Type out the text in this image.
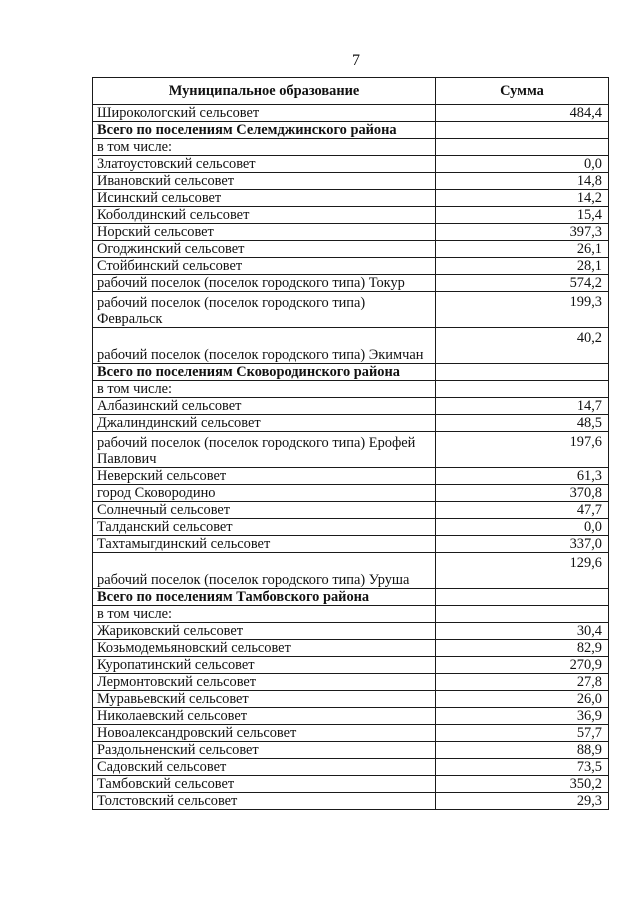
7
Муниципальное образование	Сумма
Широкологский сельсовет	484,4
Всего по поселениям Селемджинского района	
в том числе:	
Златоустовский сельсовет	0,0
Ивановский сельсовет	14,8
Исинский сельсовет	14,2
Коболдинский сельсовет	15,4
Норский сельсовет	397,3
Огоджинский сельсовет	26,1
Стойбинский сельсовет	28,1
рабочий поселок (поселок городского типа) Токур	574,2
рабочий поселок (поселок городского типа) Февральск	199,3
рабочий поселок (поселок городского типа) Экимчан	40,2
Всего по поселениям Сковородинского района	
в том числе:	
Албазинский сельсовет	14,7
Джалиндинский сельсовет	48,5
рабочий поселок (поселок городского типа) Ерофей Павлович	197,6
Неверский сельсовет	61,3
город Сковородино	370,8
Солнечный сельсовет	47,7
Талданский сельсовет	0,0
Тахтамыгдинский сельсовет	337,0
рабочий поселок (поселок городского типа) Уруша	129,6
Всего по поселениям Тамбовского района	
в том числе:	
Жариковский сельсовет	30,4
Козьмодемьяновский сельсовет	82,9
Куропатинский сельсовет	270,9
Лермонтовский сельсовет	27,8
Муравьевский сельсовет	26,0
Николаевский сельсовет	36,9
Новоалександровский сельсовет	57,7
Раздольненский сельсовет	88,9
Садовский сельсовет	73,5
Тамбовский сельсовет	350,2
Толстовский сельсовет	29,3
